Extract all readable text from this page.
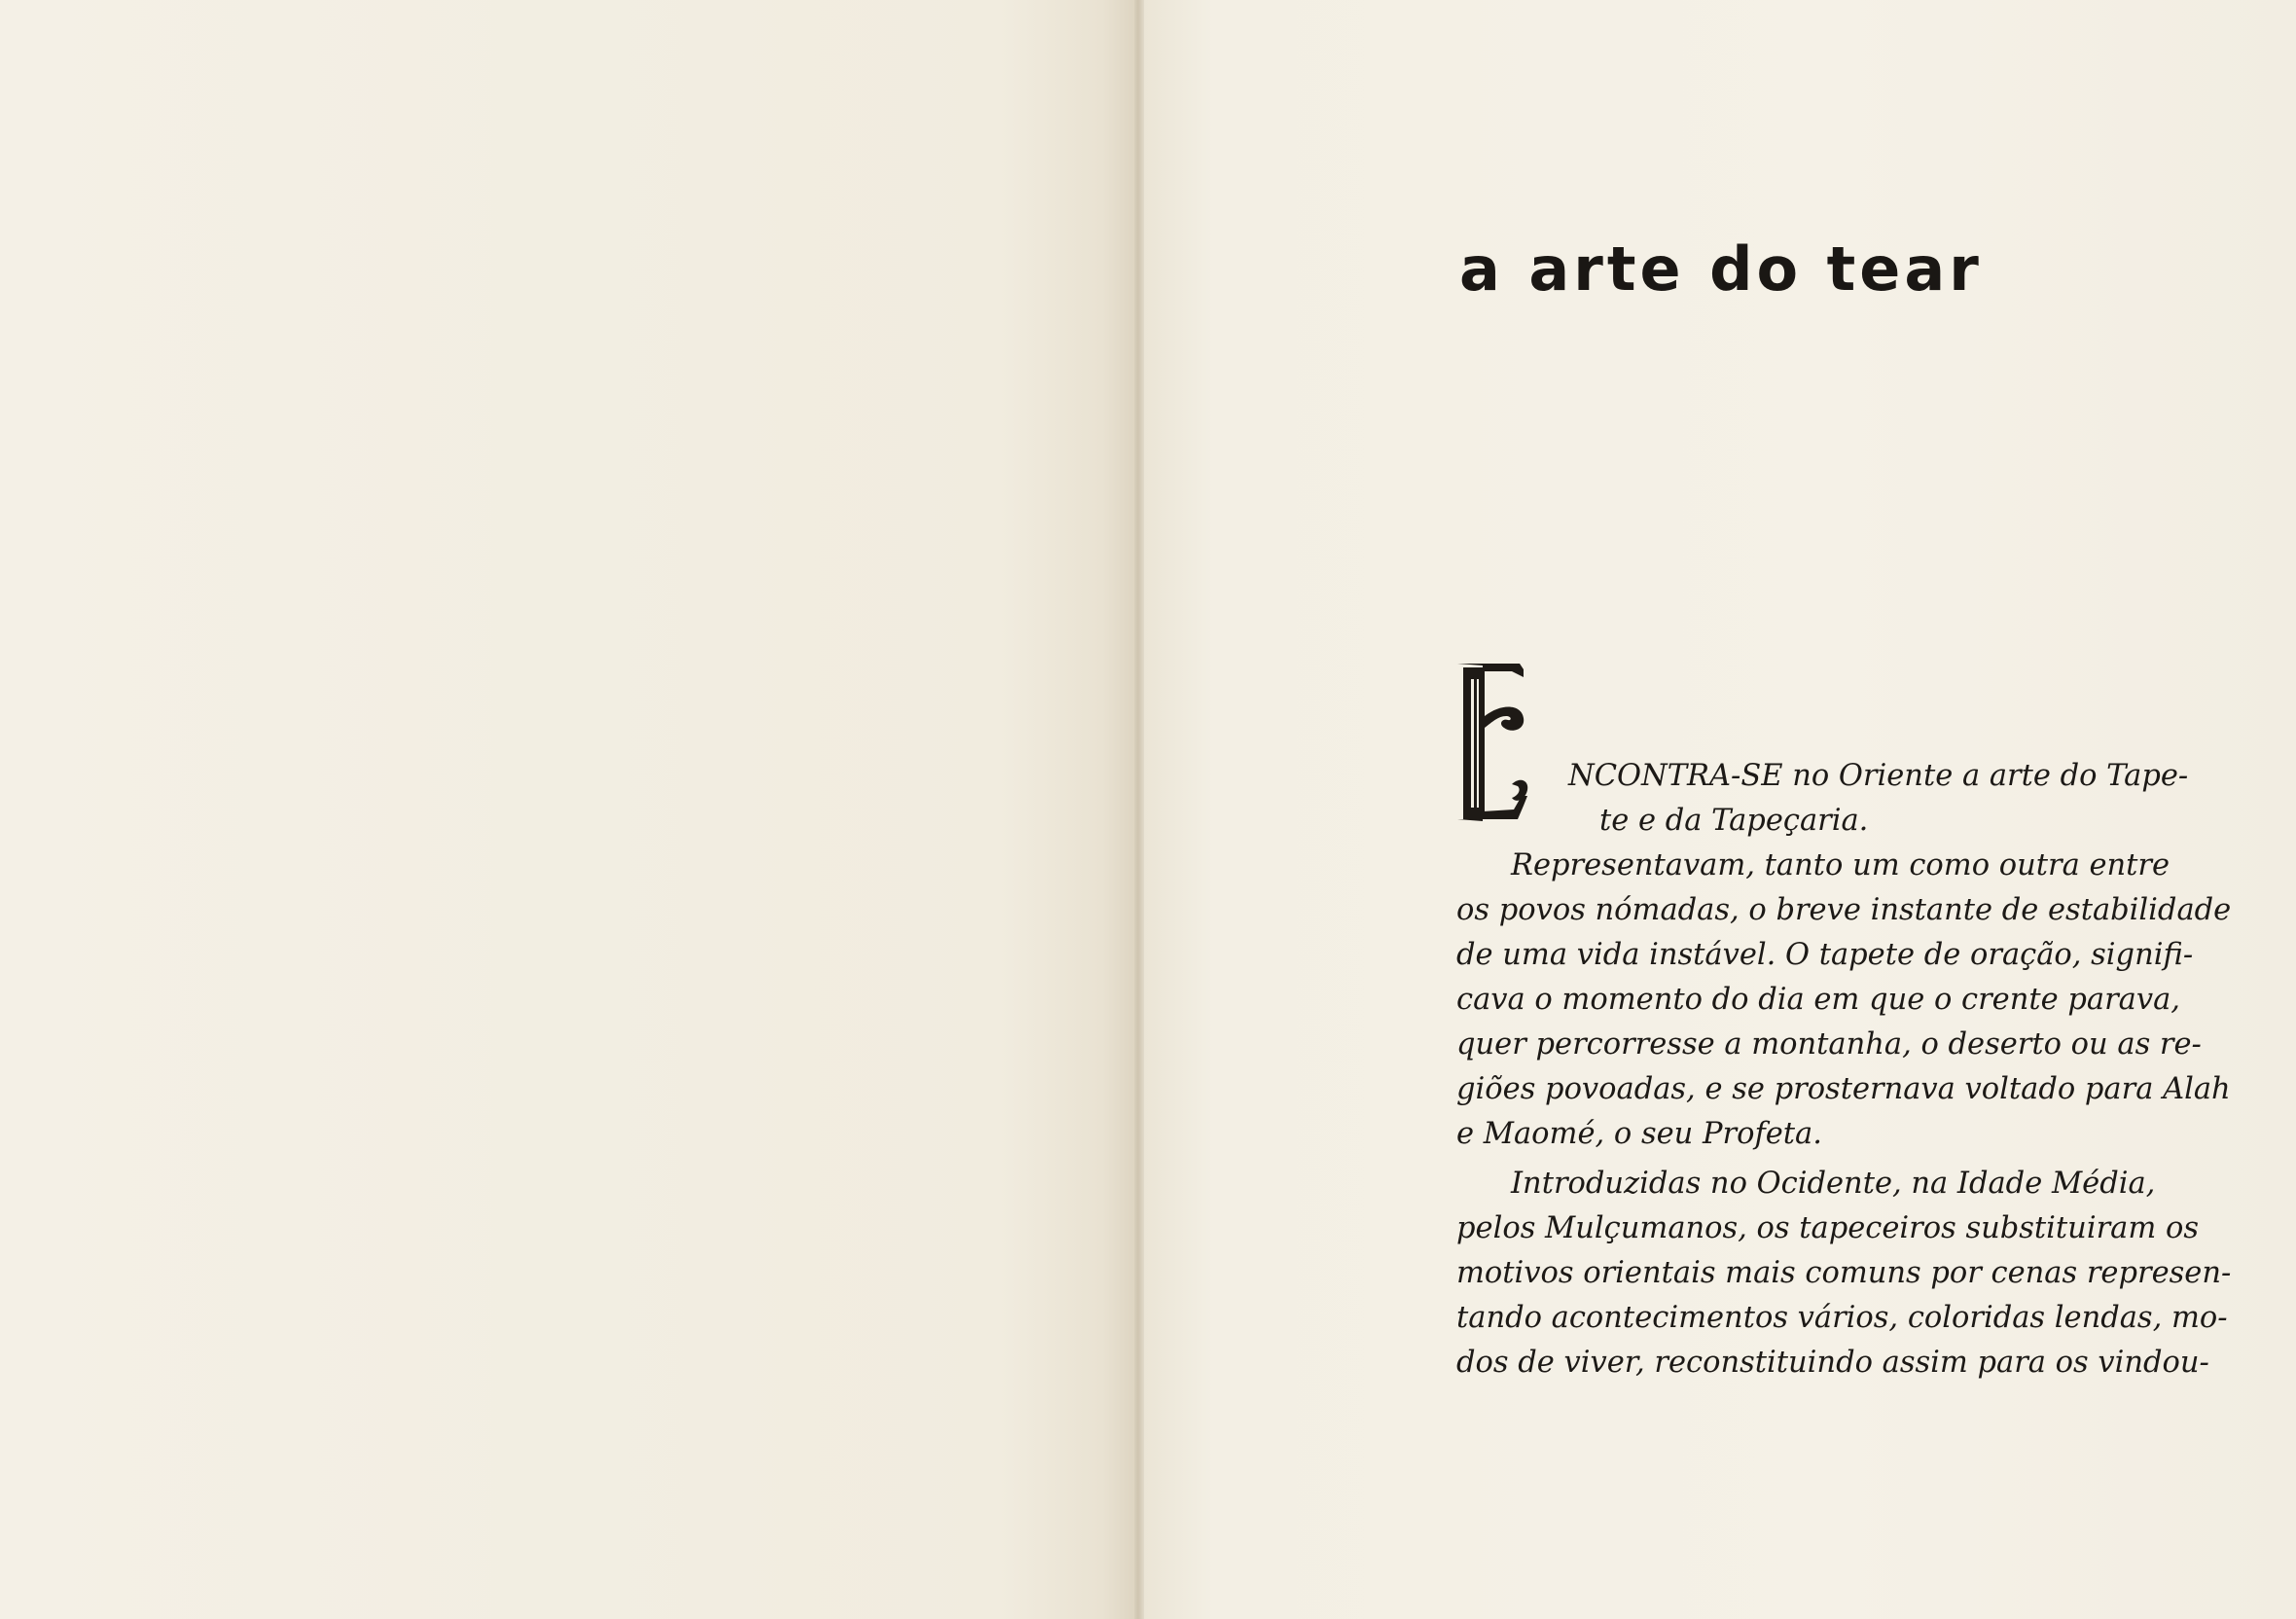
a arte do tear
NCONTRA-SE no Oriente a arte do Tape-
te e da Tapeçaria.

Representavam, tanto um como outra entre
os povos nómadas, o breve instante de estabilidade
de uma vida instável. O tapete de oração, signifi-
cava o momento do dia em que o crente parava,
quer percorresse a montanha, o deserto ou as re-
giões povoadas, e se prosternava voltado para Alah
e Maomé, o seu Profeta.

Introduzidas no Ocidente, na Idade Média,
pelos Mulçumanos, os tapeceiros substituiram os
motivos orientais mais comuns por cenas represen-
tando acontecimentos vários, coloridas lendas, mo-
dos de viver, reconstituindo assim para os vindou-
